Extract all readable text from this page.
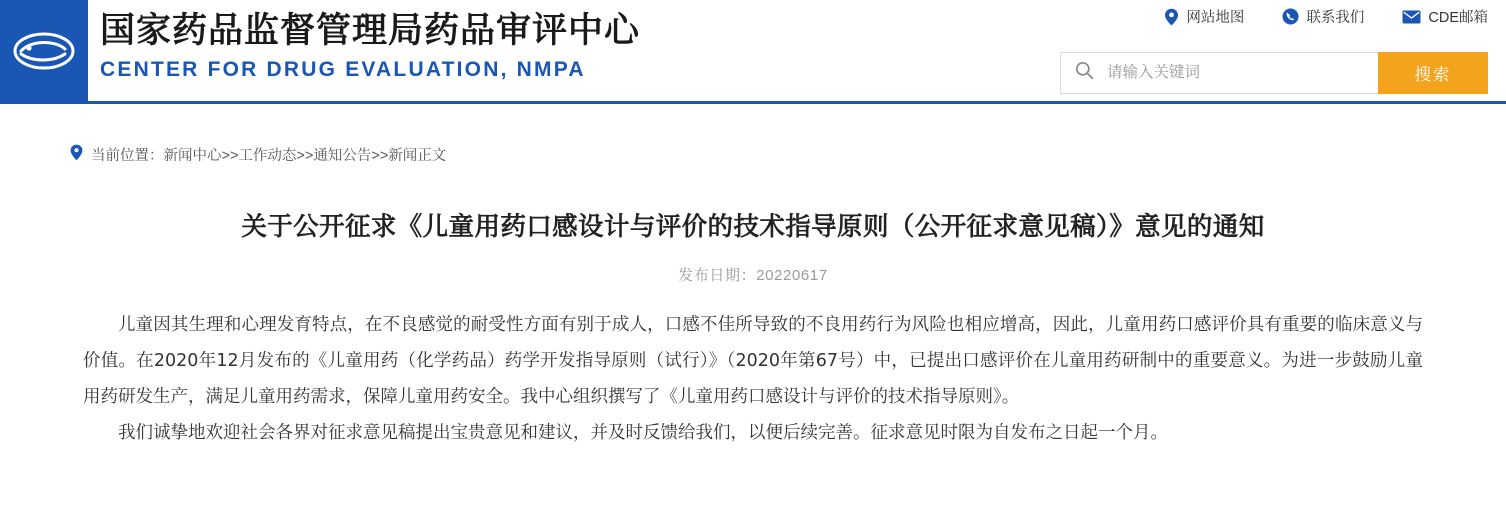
国家药品监督管理局药品审评中心
CENTER FOR DRUG EVALUATION, NMPA
网站地图	联系我们	CDE邮箱
请输入关键词
搜索
当前位置：新闻中心>>工作动态>>通知公告>>新闻正文
关于公开征求《儿童用药口感设计与评价的技术指导原则（公开征求意见稿）》意见的通知
发布日期：20220617

儿童因其生理和心理发育特点，在不良感觉的耐受性方面有别于成人，口感不佳所导致的不良用药行为风险也相应增高，因此，儿童用药口感评价具有重要的临床意义与价值。在2020年12月发布的《儿童用药（化学药品）药学开发指导原则（试行）》（2020年第67号）中，已提出口感评价在儿童用药研制中的重要意义。为进一步鼓励儿童用药研发生产，满足儿童用药需求，保障儿童用药安全。我中心组织撰写了《儿童用药口感设计与评价的技术指导原则》。

我们诚挚地欢迎社会各界对征求意见稿提出宝贵意见和建议，并及时反馈给我们，以便后续完善。征求意见时限为自发布之日起一个月。
